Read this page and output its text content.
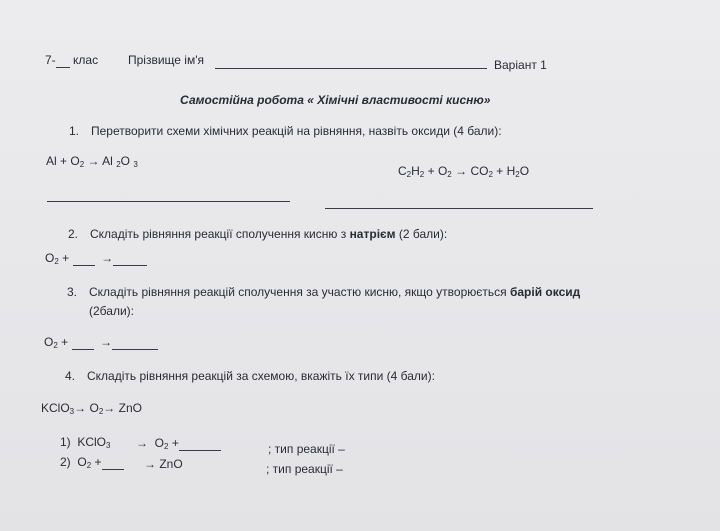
7- клас Прізвище ім'я	Варіант 1
Самостійна робота « Хімічні властивості кисню»
1. Перетворити схеми хімічних реакцій на рівняння, назвіть оксиди (4 бали):
$Al + O_2 \to Al$ $_2$O $_3$	$C_2H_2 + O_2 \to CO_2 + H_2O$
2. Складіть рівняння реакції сполучення кисню з натрієм (2 бали):
$O_2$ +	→
3. Складіть рівняння реакцій сполучення за участю кисню, якщо утворюється барій оксид
(2бали):
$O_2$ +	→
4. Складіть рівняння реакцій за схемою, вкажіть їх типи (4 бали):
KClO$_3$→ $O_2\to$ ZnO
1) KClO$_3$ → $O_2$ +	; тип реакції –
2) $O_2$ +	→ ZnO	; тип реакції –
